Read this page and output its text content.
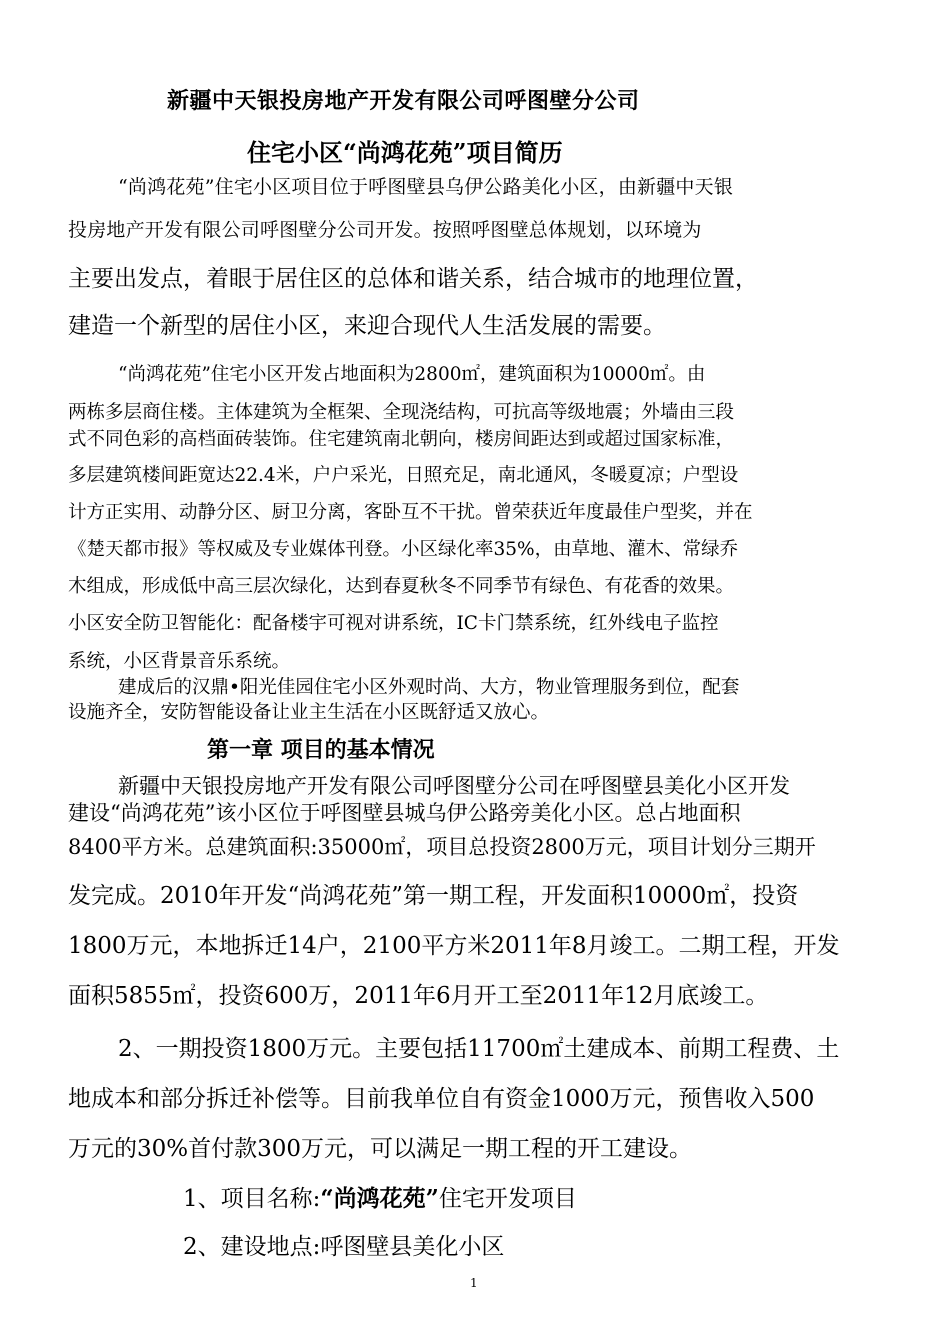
新疆中天银投房地产开发有限公司呼图壁分公司
住宅小区“尚鸿花苑”项目简历
“尚鸿花苑”住宅小区项目位于呼图壁县乌伊公路美化小区，由新疆中天银
投房地产开发有限公司呼图壁分公司开发。按照呼图壁总体规划，以环境为
主要出发点，着眼于居住区的总体和谐关系，结合城市的地理位置，
建造一个新型的居住小区，来迎合现代人生活发展的需要。
“尚鸿花苑”住宅小区开发占地面积为2800㎡，建筑面积为10000㎡。由
两栋多层商住楼。主体建筑为全框架、全现浇结构，可抗高等级地震；外墙由三段
式不同色彩的高档面砖装饰。住宅建筑南北朝向，楼房间距达到或超过国家标准，
多层建筑楼间距宽达22.4米，户户采光，日照充足，南北通风，冬暖夏凉；户型设
计方正实用、动静分区、厨卫分离，客卧互不干扰。曾荣获近年度最佳户型奖，并在
《楚天都市报》等权威及专业媒体刊登。小区绿化率35%，由草地、灌木、常绿乔
木组成，形成低中高三层次绿化，达到春夏秋冬不同季节有绿色、有花香的效果。
小区安全防卫智能化：配备楼宇可视对讲系统，IC卡门禁系统，红外线电子监控
系统，小区背景音乐系统。
建成后的汉鼎•阳光佳园住宅小区外观时尚、大方，物业管理服务到位，配套
设施齐全，安防智能设备让业主生活在小区既舒适又放心。
第一章 项目的基本情况
新疆中天银投房地产开发有限公司呼图壁分公司在呼图壁县美化小区开发
建设“尚鸿花苑”该小区位于呼图壁县城乌伊公路旁美化小区。总占地面积
8400平方米。总建筑面积:35000㎡，项目总投资2800万元，项目计划分三期开
发完成。2010年开发“尚鸿花苑”第一期工程，开发面积10000㎡，投资
1800万元，本地拆迁14户，2100平方米2011年8月竣工。二期工程，开发
面积5855㎡，投资600万，2011年6月开工至2011年12月底竣工。
2、一期投资1800万元。主要包括11700㎡土建成本、前期工程费、土
地成本和部分拆迁补偿等。目前我单位自有资金1000万元，预售收入500
万元的30%首付款300万元，可以满足一期工程的开工建设。
1、项目名称:“尚鸿花苑”住宅开发项目
2、建设地点:呼图壁县美化小区
1
